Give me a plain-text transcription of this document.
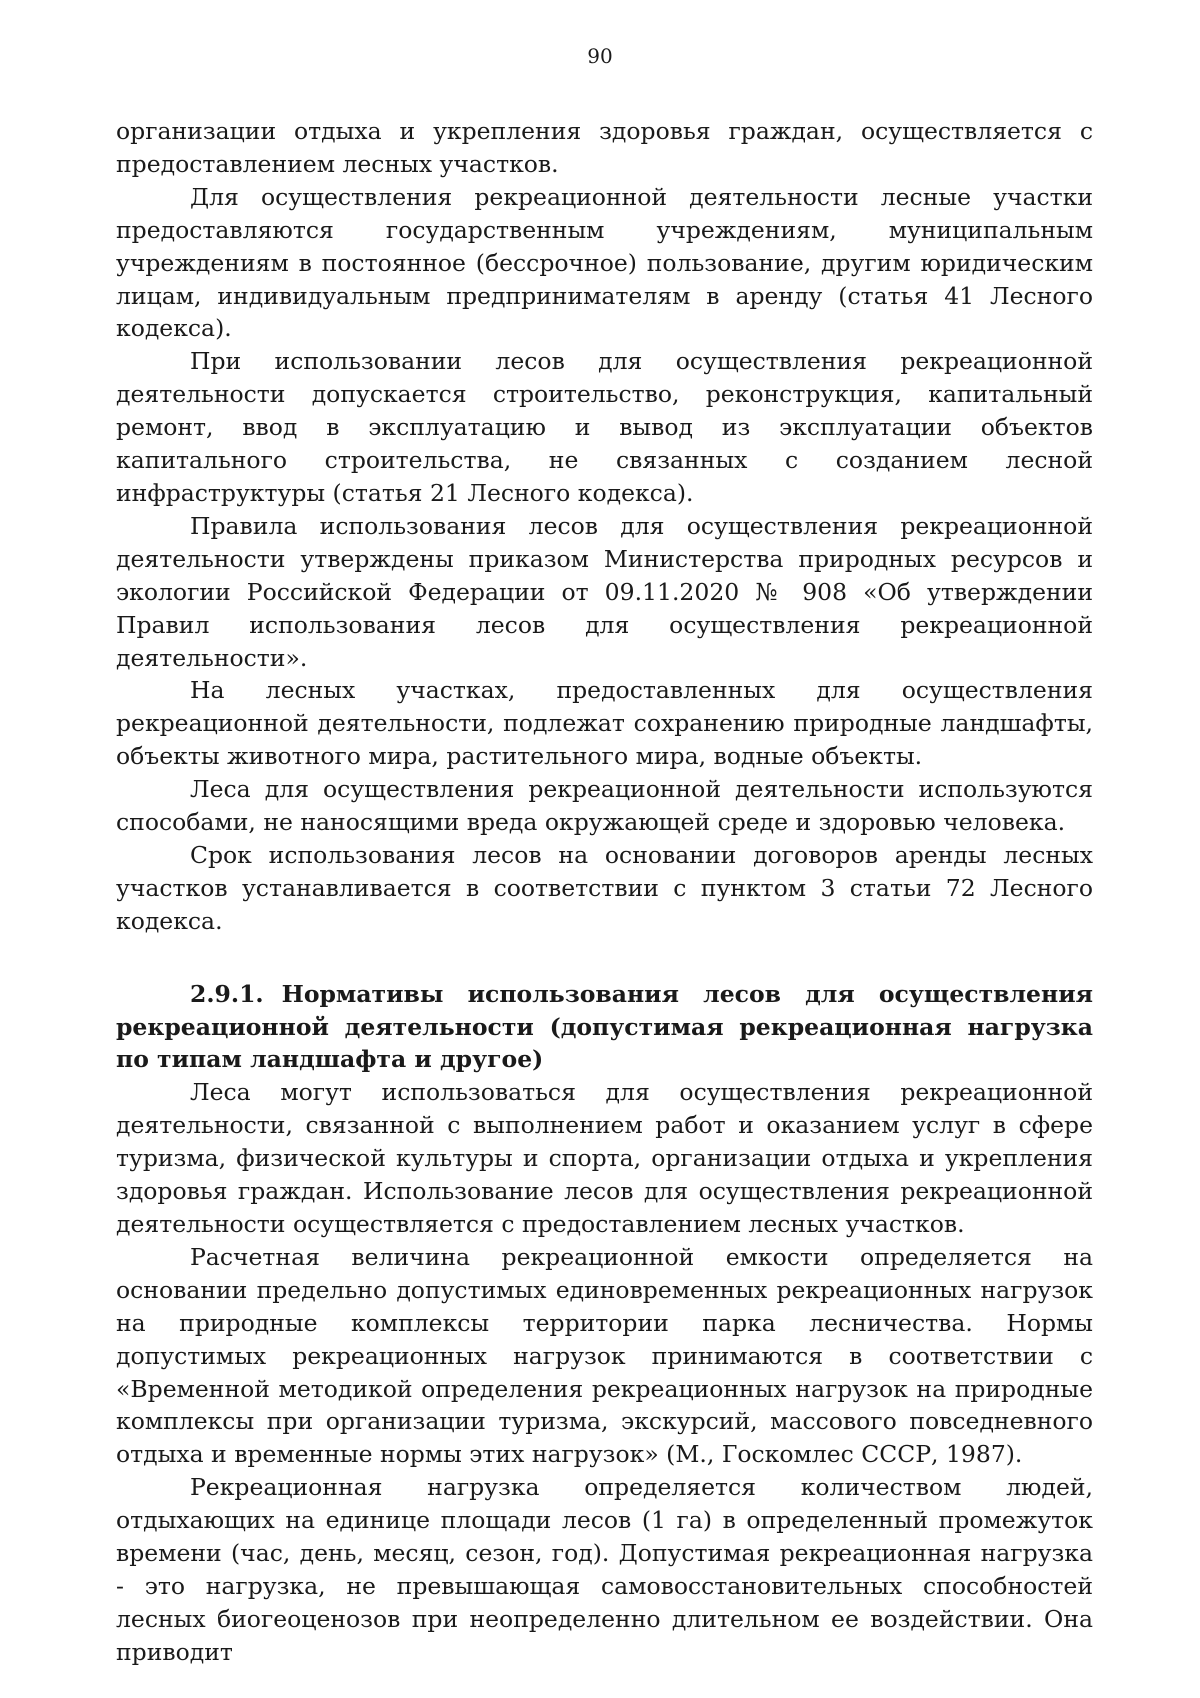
90

организации отдыха и укрепления здоровья граждан, осуществляется с предоставлением лесных участков.

Для осуществления рекреационной деятельности лесные участки предоставляются государственным учреждениям, муниципальным учреждениям в постоянное (бессрочное) пользование, другим юридическим лицам, индивидуальным предпринимателям в аренду (статья 41 Лесного кодекса).

При использовании лесов для осуществления рекреационной деятельности допускается строительство, реконструкция, капитальный ремонт, ввод в эксплуатацию и вывод из эксплуатации объектов капитального строительства, не связанных с созданием лесной инфраструктуры (статья 21 Лесного кодекса).

Правила использования лесов для осуществления рекреационной деятельности утверждены приказом Министерства природных ресурсов и экологии Российской Федерации от 09.11.2020 № 908 «Об утверждении Правил использования лесов для осуществления рекреационной деятельности».

На лесных участках, предоставленных для осуществления рекреационной деятельности, подлежат сохранению природные ландшафты, объекты животного мира, растительного мира, водные объекты.

Леса для осуществления рекреационной деятельности используются способами, не наносящими вреда окружающей среде и здоровью человека.

Срок использования лесов на основании договоров аренды лесных участков устанавливается в соответствии с пунктом 3 статьи 72 Лесного кодекса.

2.9.1. Нормативы использования лесов для осуществления рекреационной деятельности (допустимая рекреационная нагрузка по типам ландшафта и другое)

Леса могут использоваться для осуществления рекреационной деятельности, связанной с выполнением работ и оказанием услуг в сфере туризма, физической культуры и спорта, организации отдыха и укрепления здоровья граждан. Использование лесов для осуществления рекреационной деятельности осуществляется с предоставлением лесных участков.

Расчетная величина рекреационной емкости определяется на основании предельно допустимых единовременных рекреационных нагрузок на природные комплексы территории парка лесничества. Нормы допустимых рекреационных нагрузок принимаются в соответствии с «Временной методикой определения рекреационных нагрузок на природные комплексы при организации туризма, экскурсий, массового повседневного отдыха и временные нормы этих нагрузок» (М., Госкомлес СССР, 1987).

Рекреационная нагрузка определяется количеством людей, отдыхающих на единице площади лесов (1 га) в определенный промежуток времени (час, день, месяц, сезон, год). Допустимая рекреационная нагрузка - это нагрузка, не превышающая самовосстановительных способностей лесных биогеоценозов при неопределенно длительном ее воздействии. Она приводит
